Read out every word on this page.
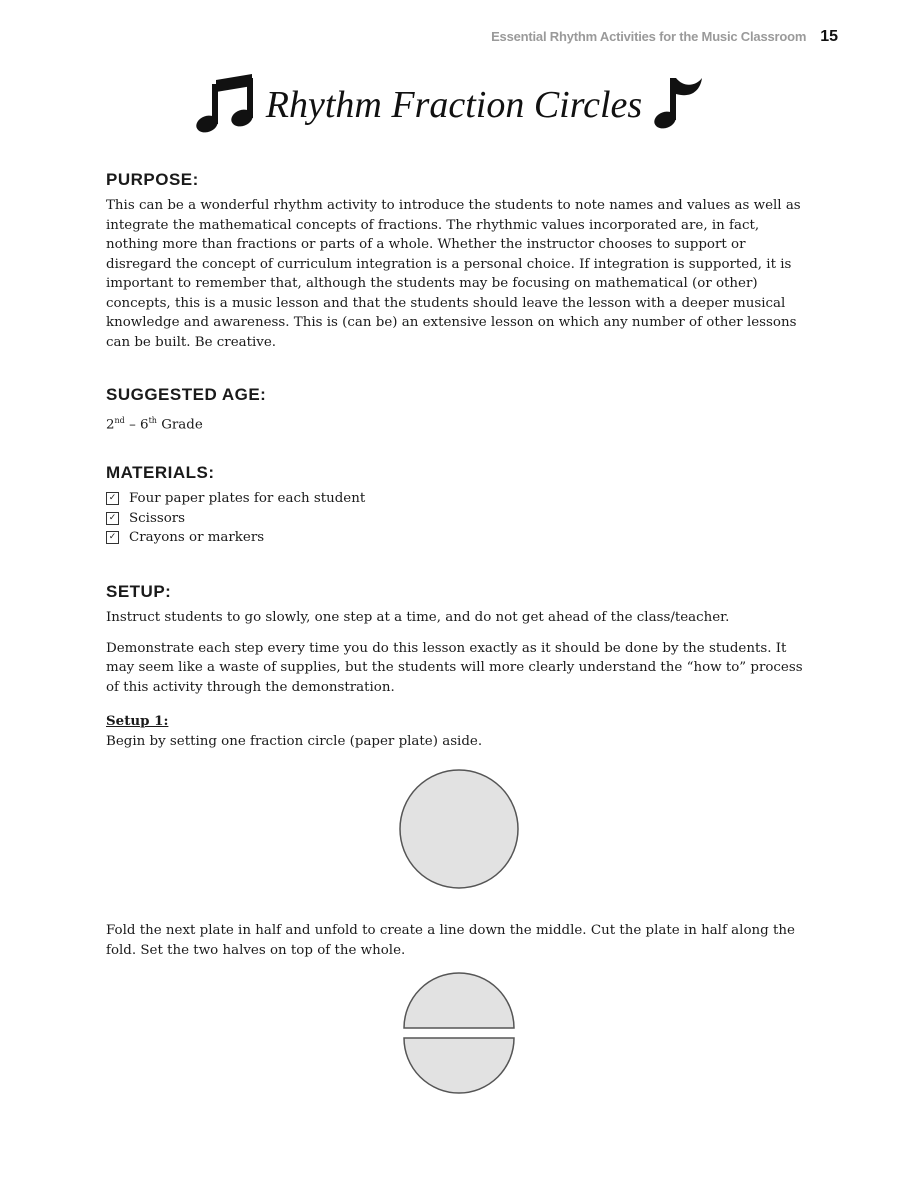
Essential Rhythm Activities for the Music Classroom 15
Rhythm Fraction Circles
PURPOSE:

This can be a wonderful rhythm activity to introduce the students to note names and values as well as integrate the mathematical concepts of fractions. The rhythmic values incorporated are, in fact, nothing more than fractions or parts of a whole. Whether the instructor chooses to support or disregard the concept of curriculum integration is a personal choice. If integration is supported, it is important to remember that, although the students may be focusing on mathematical (or other) concepts, this is a music lesson and that the students should leave the lesson with a deeper musical knowledge and awareness. This is (can be) an extensive lesson on which any number of other lessons can be built. Be creative.

SUGGESTED AGE:

2nd – 6th Grade

MATERIALS:
✓ Four paper plates for each student
✓ Scissors
✓ Crayons or markers
SETUP:

Instruct students to go slowly, one step at a time, and do not get ahead of the class/teacher.

Demonstrate each step every time you do this lesson exactly as it should be done by the students. It may seem like a waste of supplies, but the students will more clearly understand the “how to” process of this activity through the demonstration.

Setup 1:

Begin by setting one fraction circle (paper plate) aside.

Fold the next plate in half and unfold to create a line down the middle. Cut the plate in half along the fold. Set the two halves on top of the whole.
